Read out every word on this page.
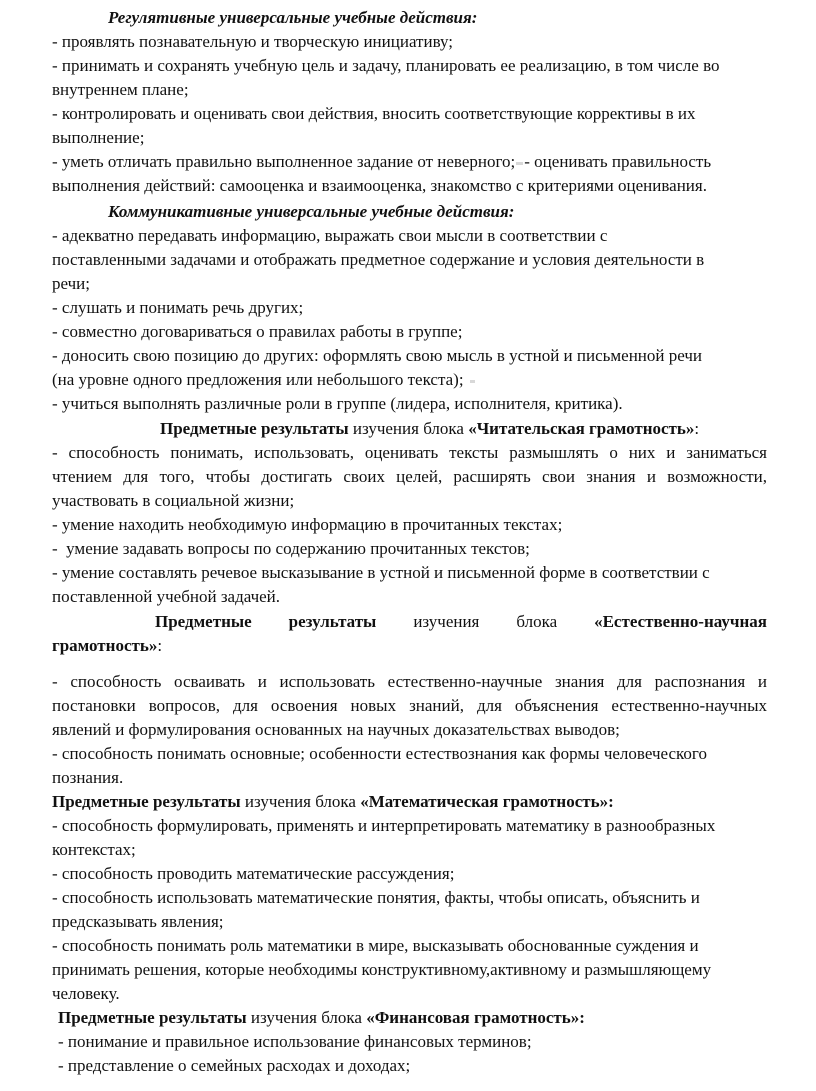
Регулятивные универсальные учебные действия:
- проявлять познавательную и творческую инициативу;
- принимать и сохранять учебную цель и задачу, планировать ее реализацию, в том числе во
внутреннем плане;
- контролировать и оценивать свои действия, вносить соответствующие коррективы в их
выполнение;
- уметь отличать правильно выполненное задание от неверного; - оценивать правильность
выполнения действий: самооценка и взаимооценка, знакомство с критериями оценивания.
Коммуникативные универсальные учебные действия:
- адекватно передавать информацию, выражать свои мысли в соответствии с
поставленными задачами и отображать предметное содержание и условия деятельности в
речи;
- слушать и понимать речь других;
- совместно договариваться о правилах работы в группе;
- доносить свою позицию до других: оформлять свою мысль в устной и письменной речи
(на уровне одного предложения или небольшого текста);
- учиться выполнять различные роли в группе (лидера, исполнителя, критика).
Предметные результаты изучения блока «Читательская грамотность»:
- способность понимать, использовать, оценивать тексты размышлять о них и заниматься
чтением для того, чтобы достигать своих целей, расширять свои знания и возможности,
участвовать в социальной жизни;
- умение находить необходимую информацию в прочитанных текстах;
-  умение задавать вопросы по содержанию прочитанных текстов;
- умение составлять речевое высказывание в устной и письменной форме в соответствии с
поставленной учебной задачей.
Предметные результаты изучения блока «Естественно-научная
грамотность»:
- способность осваивать и использовать естественно-научные знания для распознания и
постановки вопросов, для освоения новых знаний, для объяснения естественно-научных
явлений и формулирования основанных на научных доказательствах выводов;
- способность понимать основные; особенности естествознания как формы человеческого
познания.
Предметные результаты изучения блока «Математическая грамотность»:
- способность формулировать, применять и интерпретировать математику в разнообразных
контекстах;
- способность проводить математические рассуждения;
- способность использовать математические понятия, факты, чтобы описать, объяснить и
предсказывать явления;
- способность понимать роль математики в мире, высказывать обоснованные суждения и
принимать решения, которые необходимы конструктивному,активному и размышляющему
человеку.
Предметные результаты изучения блока «Финансовая грамотность»:
- понимание и правильное использование финансовых терминов;
- представление о семейных расходах и доходах;
